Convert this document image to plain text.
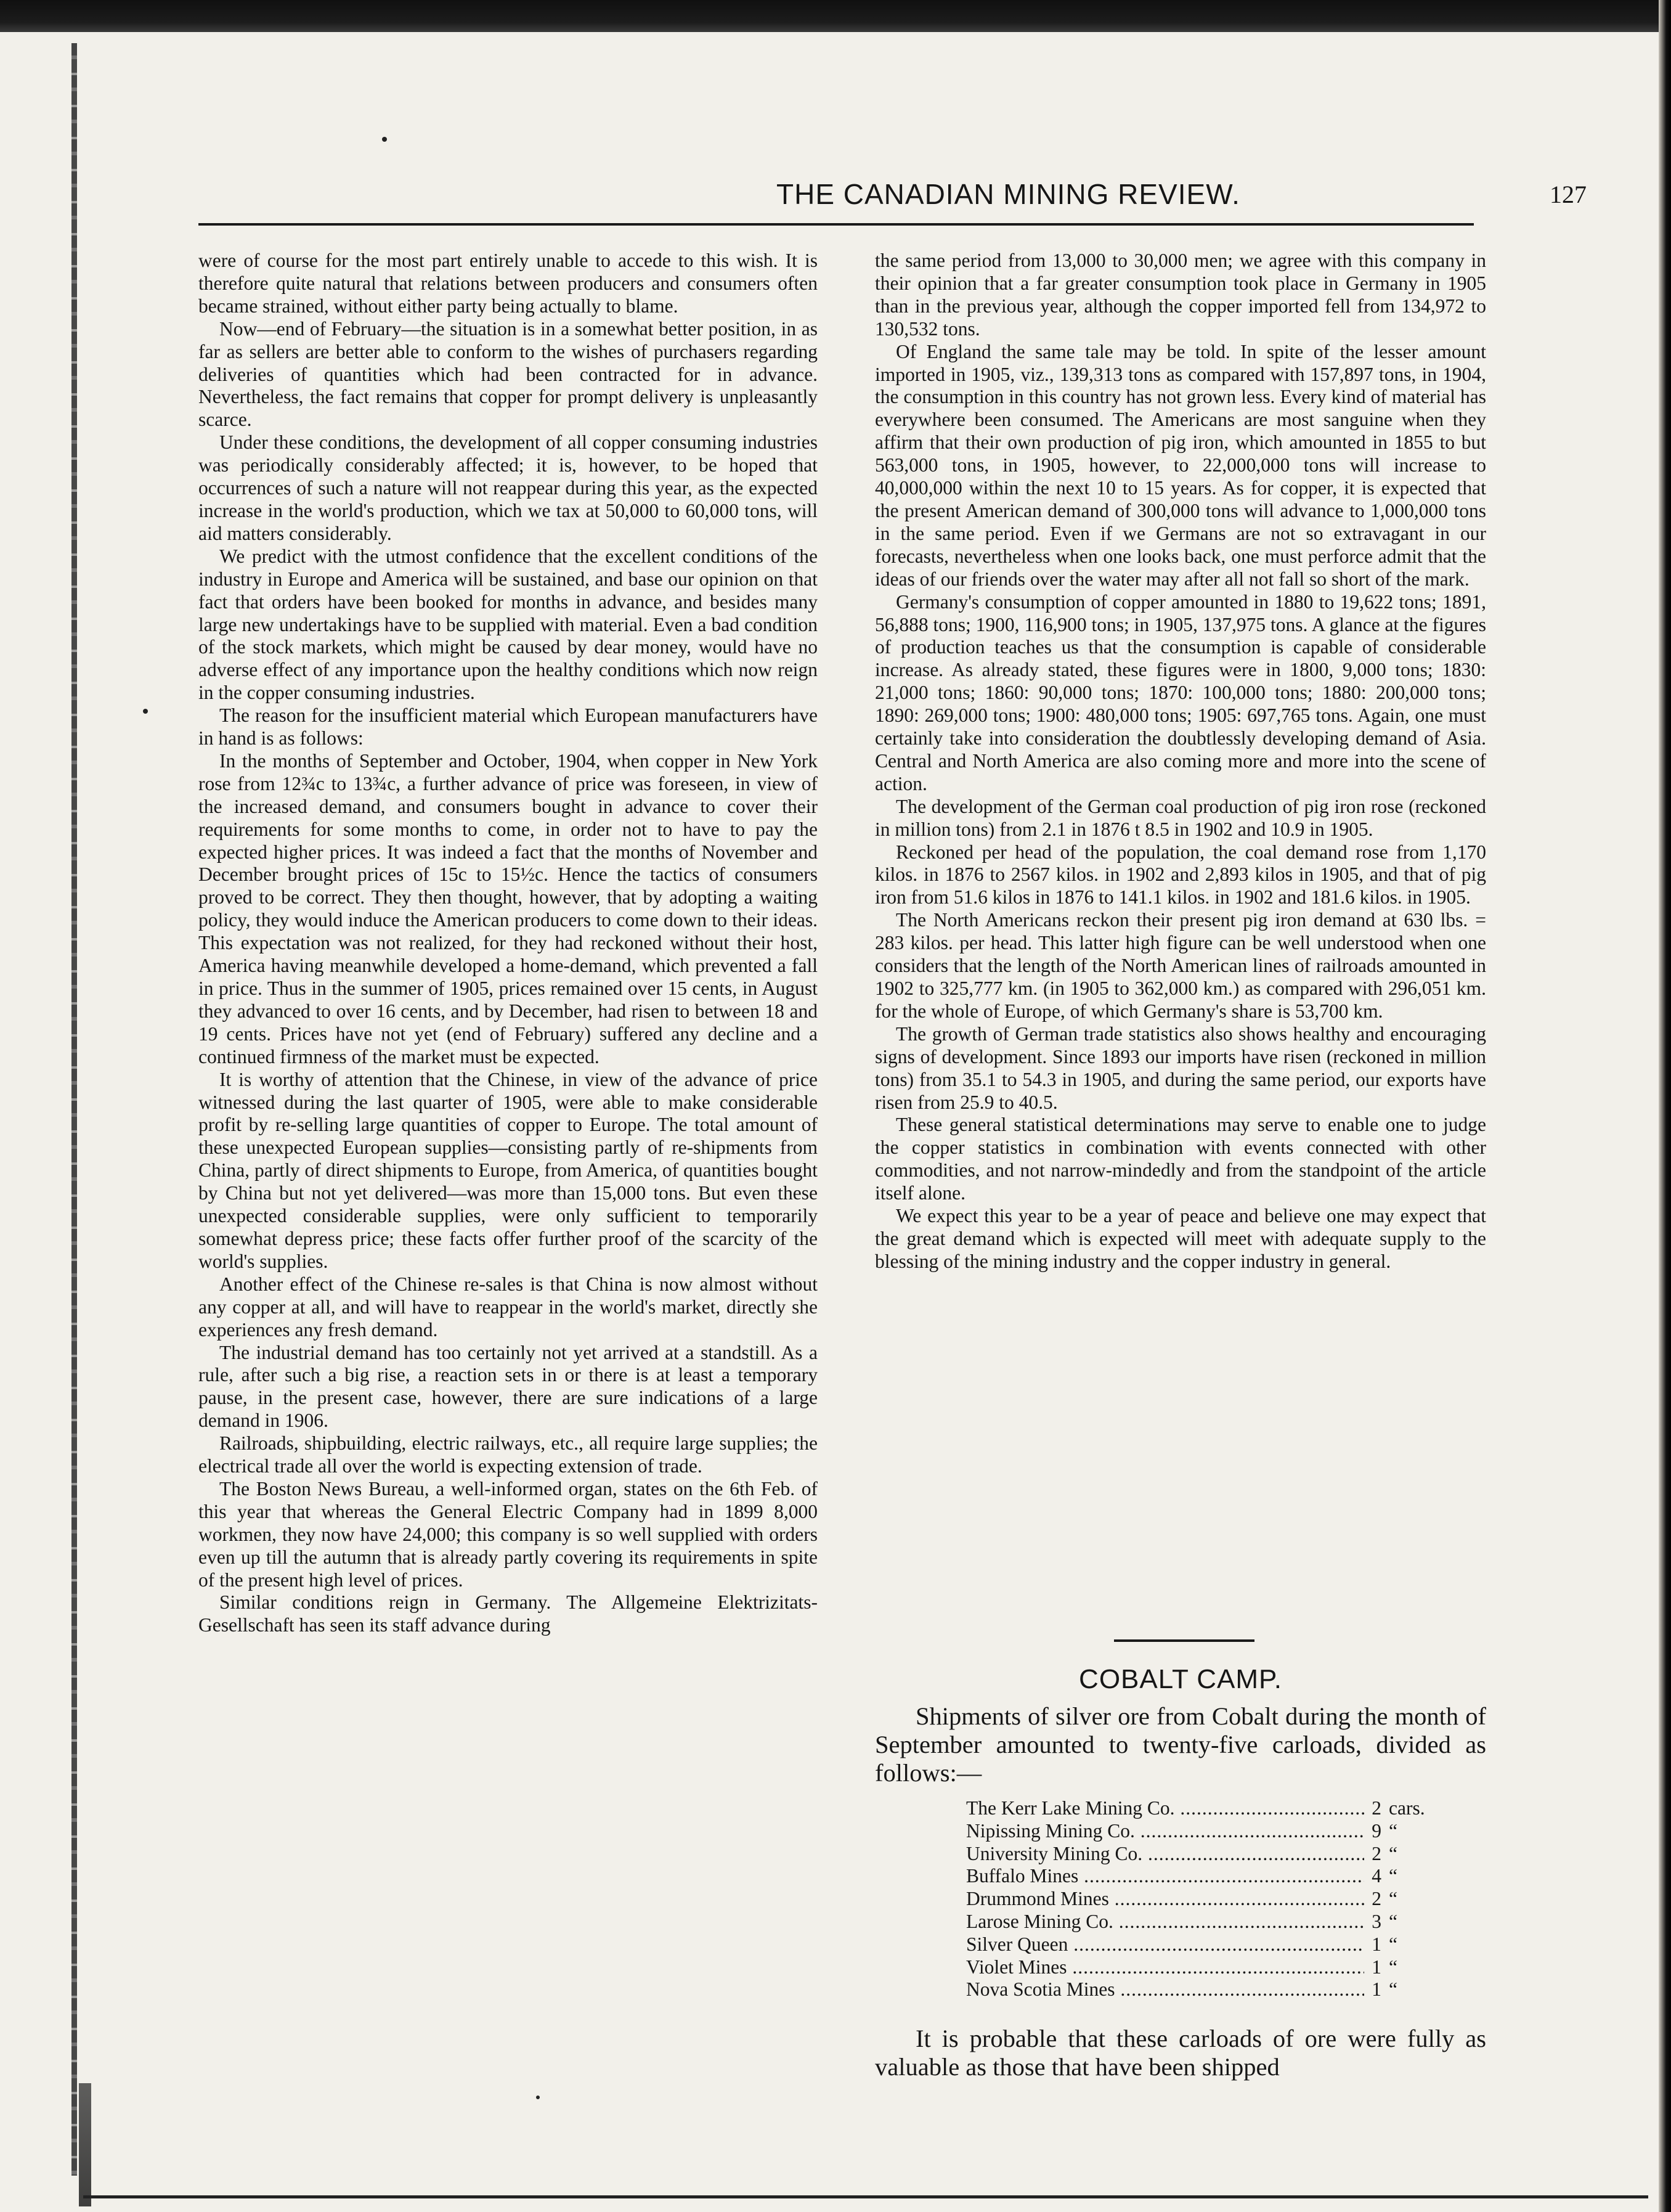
THE CANADIAN MINING REVIEW.	127

were of course for the most part entirely unable to accede to this wish. It is therefore quite natural that relations between producers and consumers often became strained, without either party being actually to blame.

Now—end of February—the situation is in a somewhat better position, in as far as sellers are better able to conform to the wishes of purchasers regarding deliveries of quantities which had been contracted for in advance. Nevertheless, the fact remains that copper for prompt delivery is unpleasantly scarce.

Under these conditions, the development of all copper consuming industries was periodically considerably affected; it is, however, to be hoped that occurrences of such a nature will not reappear during this year, as the expected increase in the world's production, which we tax at 50,000 to 60,000 tons, will aid matters considerably.

We predict with the utmost confidence that the excellent conditions of the industry in Europe and America will be sustained, and base our opinion on that fact that orders have been booked for months in advance, and besides many large new undertakings have to be supplied with material. Even a bad condition of the stock markets, which might be caused by dear money, would have no adverse effect of any importance upon the healthy conditions which now reign in the copper consuming industries.

The reason for the insufficient material which European manufacturers have in hand is as follows:

In the months of September and October, 1904, when copper in New York rose from 12¾c to 13¾c, a further advance of price was foreseen, in view of the increased demand, and consumers bought in advance to cover their requirements for some months to come, in order not to have to pay the expected higher prices. It was indeed a fact that the months of November and December brought prices of 15c to 15½c. Hence the tactics of consumers proved to be correct. They then thought, however, that by adopting a waiting policy, they would induce the American producers to come down to their ideas. This expectation was not realized, for they had reckoned without their host, America having meanwhile developed a home-demand, which prevented a fall in price. Thus in the summer of 1905, prices remained over 15 cents, in August they advanced to over 16 cents, and by December, had risen to between 18 and 19 cents. Prices have not yet (end of February) suffered any decline and a continued firmness of the market must be expected.

It is worthy of attention that the Chinese, in view of the advance of price witnessed during the last quarter of 1905, were able to make considerable profit by re-selling large quantities of copper to Europe. The total amount of these unexpected European supplies—consisting partly of re-shipments from China, partly of direct shipments to Europe, from America, of quantities bought by China but not yet delivered—was more than 15,000 tons. But even these unexpected considerable supplies, were only sufficient to temporarily somewhat depress price; these facts offer further proof of the scarcity of the world's supplies.

Another effect of the Chinese re-sales is that China is now almost without any copper at all, and will have to reappear in the world's market, directly she experiences any fresh demand.

The industrial demand has too certainly not yet arrived at a standstill. As a rule, after such a big rise, a reaction sets in or there is at least a temporary pause, in the present case, however, there are sure indications of a large demand in 1906.

Railroads, shipbuilding, electric railways, etc., all require large supplies; the electrical trade all over the world is expecting extension of trade.

The Boston News Bureau, a well-informed organ, states on the 6th Feb. of this year that whereas the General Electric Company had in 1899 8,000 workmen, they now have 24,000; this company is so well supplied with orders even up till the autumn that is already partly covering its requirements in spite of the present high level of prices.

Similar conditions reign in Germany. The Allgemeine Elektrizitats-Gesellschaft has seen its staff advance during

the same period from 13,000 to 30,000 men; we agree with this company in their opinion that a far greater consumption took place in Germany in 1905 than in the previous year, although the copper imported fell from 134,972 to 130,532 tons.

Of England the same tale may be told. In spite of the lesser amount imported in 1905, viz., 139,313 tons as compared with 157,897 tons, in 1904, the consumption in this country has not grown less. Every kind of material has everywhere been consumed. The Americans are most sanguine when they affirm that their own production of pig iron, which amounted in 1855 to but 563,000 tons, in 1905, however, to 22,000,000 tons will increase to 40,000,000 within the next 10 to 15 years. As for copper, it is expected that the present American demand of 300,000 tons will advance to 1,000,000 tons in the same period. Even if we Germans are not so extravagant in our forecasts, nevertheless when one looks back, one must perforce admit that the ideas of our friends over the water may after all not fall so short of the mark.

Germany's consumption of copper amounted in 1880 to 19,622 tons; 1891, 56,888 tons; 1900, 116,900 tons; in 1905, 137,975 tons. A glance at the figures of production teaches us that the consumption is capable of considerable increase. As already stated, these figures were in 1800, 9,000 tons; 1830: 21,000 tons; 1860: 90,000 tons; 1870: 100,000 tons; 1880: 200,000 tons; 1890: 269,000 tons; 1900: 480,000 tons; 1905: 697,765 tons. Again, one must certainly take into consideration the doubtlessly developing demand of Asia. Central and North America are also coming more and more into the scene of action.

The development of the German coal production of pig iron rose (reckoned in million tons) from 2.1 in 1876 t 8.5 in 1902 and 10.9 in 1905.

Reckoned per head of the population, the coal demand rose from 1,170 kilos. in 1876 to 2567 kilos. in 1902 and 2,893 kilos in 1905, and that of pig iron from 51.6 kilos in 1876 to 141.1 kilos. in 1902 and 181.6 kilos. in 1905.

The North Americans reckon their present pig iron demand at 630 lbs. = 283 kilos. per head. This latter high figure can be well understood when one considers that the length of the North American lines of railroads amounted in 1902 to 325,777 km. (in 1905 to 362,000 km.) as compared with 296,051 km. for the whole of Europe, of which Germany's share is 53,700 km.

The growth of German trade statistics also shows healthy and encouraging signs of development. Since 1893 our imports have risen (reckoned in million tons) from 35.1 to 54.3 in 1905, and during the same period, our exports have risen from 25.9 to 40.5.

These general statistical determinations may serve to enable one to judge the copper statistics in combination with events connected with other commodities, and not narrow-mindedly and from the standpoint of the article itself alone.

We expect this year to be a year of peace and believe one may expect that the great demand which is expected will meet with adequate supply to the blessing of the mining industry and the copper industry in general.

COBALT CAMP.

Shipments of silver ore from Cobalt during the month of September amounted to twenty-five carloads, divided as follows:—

The Kerr Lake Mining Co. .....	2 cars.
Nipissing Mining Co. .....	9 “
University Mining Co. .....	2 “
Buffalo Mines .....	4 “
Drummond Mines .....	2 “
Larose Mining Co. .....	3 “
Silver Queen .....	1 “
Violet Mines .....	1 “
Nova Scotia Mines .....	1 “

It is probable that these carloads of ore were fully as valuable as those that have been shipped
